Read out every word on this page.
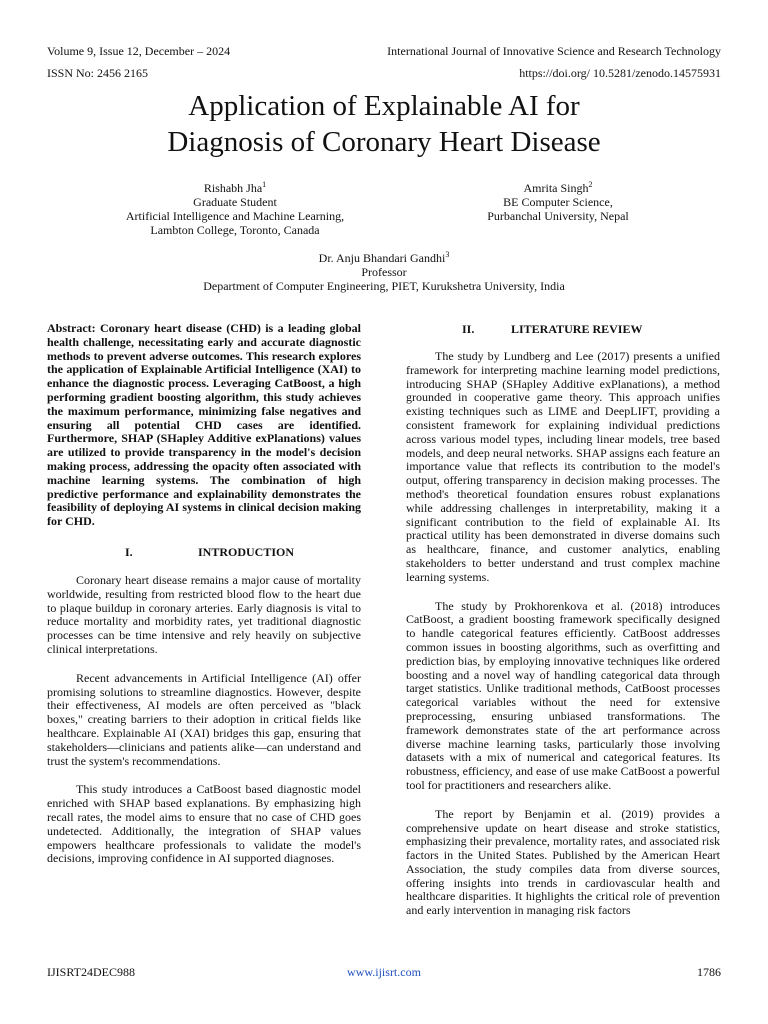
Volume 9, Issue 12, December – 2024	International Journal of Innovative Science and Research Technology
ISSN No: 2456 2165	https://doi.org/ 10.5281/zenodo.14575931
Application of Explainable AI for
Diagnosis of Coronary Heart Disease
Rishabh Jha$^1$
Graduate Student
Artificial Intelligence and Machine Learning,
Lambton College, Toronto, Canada
Amrita Singh$^2$
BE Computer Science,
Purbanchal University, Nepal
Dr. Anju Bhandari Gandhi$^3$
Professor
Department of Computer Engineering, PIET, Kurukshetra University, India

Abstract: Coronary heart disease (CHD) is a leading global health challenge, necessitating early and accurate diagnostic methods to prevent adverse outcomes. This research explores the application of Explainable Artificial Intelligence (XAI) to enhance the diagnostic process. Leveraging CatBoost, a high performing gradient boosting algorithm, this study achieves the maximum performance, minimizing false negatives and ensuring all potential CHD cases are identified. Furthermore, SHAP (SHapley Additive exPlanations) values are utilized to provide transparency in the model's decision making process, addressing the opacity often associated with machine learning systems. The combination of high predictive performance and explainability demonstrates the feasibility of deploying AI systems in clinical decision making for CHD.

I.	INTRODUCTION

Coronary heart disease remains a major cause of mortality worldwide, resulting from restricted blood flow to the heart due to plaque buildup in coronary arteries. Early diagnosis is vital to reduce mortality and morbidity rates, yet traditional diagnostic processes can be time intensive and rely heavily on subjective clinical interpretations.

Recent advancements in Artificial Intelligence (AI) offer promising solutions to streamline diagnostics. However, despite their effectiveness, AI models are often perceived as "black boxes," creating barriers to their adoption in critical fields like healthcare. Explainable AI (XAI) bridges this gap, ensuring that stakeholders—clinicians and patients alike—can understand and trust the system's recommendations.

This study introduces a CatBoost based diagnostic model enriched with SHAP based explanations. By emphasizing high recall rates, the model aims to ensure that no case of CHD goes undetected. Additionally, the integration of SHAP values empowers healthcare professionals to validate the model's decisions, improving confidence in AI supported diagnoses.

II.	LITERATURE REVIEW

The study by Lundberg and Lee (2017) presents a unified framework for interpreting machine learning model predictions, introducing SHAP (SHapley Additive exPlanations), a method grounded in cooperative game theory. This approach unifies existing techniques such as LIME and DeepLIFT, providing a consistent framework for explaining individual predictions across various model types, including linear models, tree based models, and deep neural networks. SHAP assigns each feature an importance value that reflects its contribution to the model's output, offering transparency in decision making processes. The method's theoretical foundation ensures robust explanations while addressing challenges in interpretability, making it a significant contribution to the field of explainable AI. Its practical utility has been demonstrated in diverse domains such as healthcare, finance, and customer analytics, enabling stakeholders to better understand and trust complex machine learning systems.

The study by Prokhorenkova et al. (2018) introduces CatBoost, a gradient boosting framework specifically designed to handle categorical features efficiently. CatBoost addresses common issues in boosting algorithms, such as overfitting and prediction bias, by employing innovative techniques like ordered boosting and a novel way of handling categorical data through target statistics. Unlike traditional methods, CatBoost processes categorical variables without the need for extensive preprocessing, ensuring unbiased transformations. The framework demonstrates state of the art performance across diverse machine learning tasks, particularly those involving datasets with a mix of numerical and categorical features. Its robustness, efficiency, and ease of use make CatBoost a powerful tool for practitioners and researchers alike.

The report by Benjamin et al. (2019) provides a comprehensive update on heart disease and stroke statistics, emphasizing their prevalence, mortality rates, and associated risk factors in the United States. Published by the American Heart Association, the study compiles data from diverse sources, offering insights into trends in cardiovascular health and healthcare disparities. It highlights the critical role of prevention and early intervention in managing risk factors

IJISRT24DEC988	www.ijisrt.com	1786
